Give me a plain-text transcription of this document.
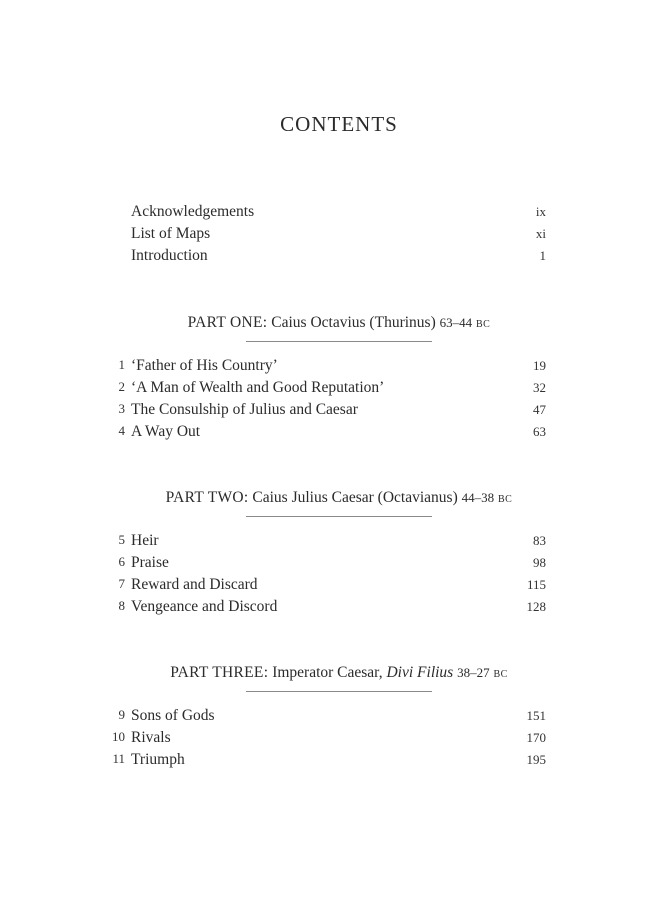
CONTENTS
Acknowledgements	ix
List of Maps	xi
Introduction	1
PART ONE: Caius Octavius (Thurinus) 63–44 BC
1 ‘Father of His Country’	19
2 ‘A Man of Wealth and Good Reputation’	32
3 The Consulship of Julius and Caesar	47
4 A Way Out	63
PART TWO: Caius Julius Caesar (Octavianus) 44–38 BC
5 Heir	83
6 Praise	98
7 Reward and Discard	115
8 Vengeance and Discord	128
PART THREE: Imperator Caesar, Divi Filius 38–27 BC
9 Sons of Gods	151
10 Rivals	170
11 Triumph	195
